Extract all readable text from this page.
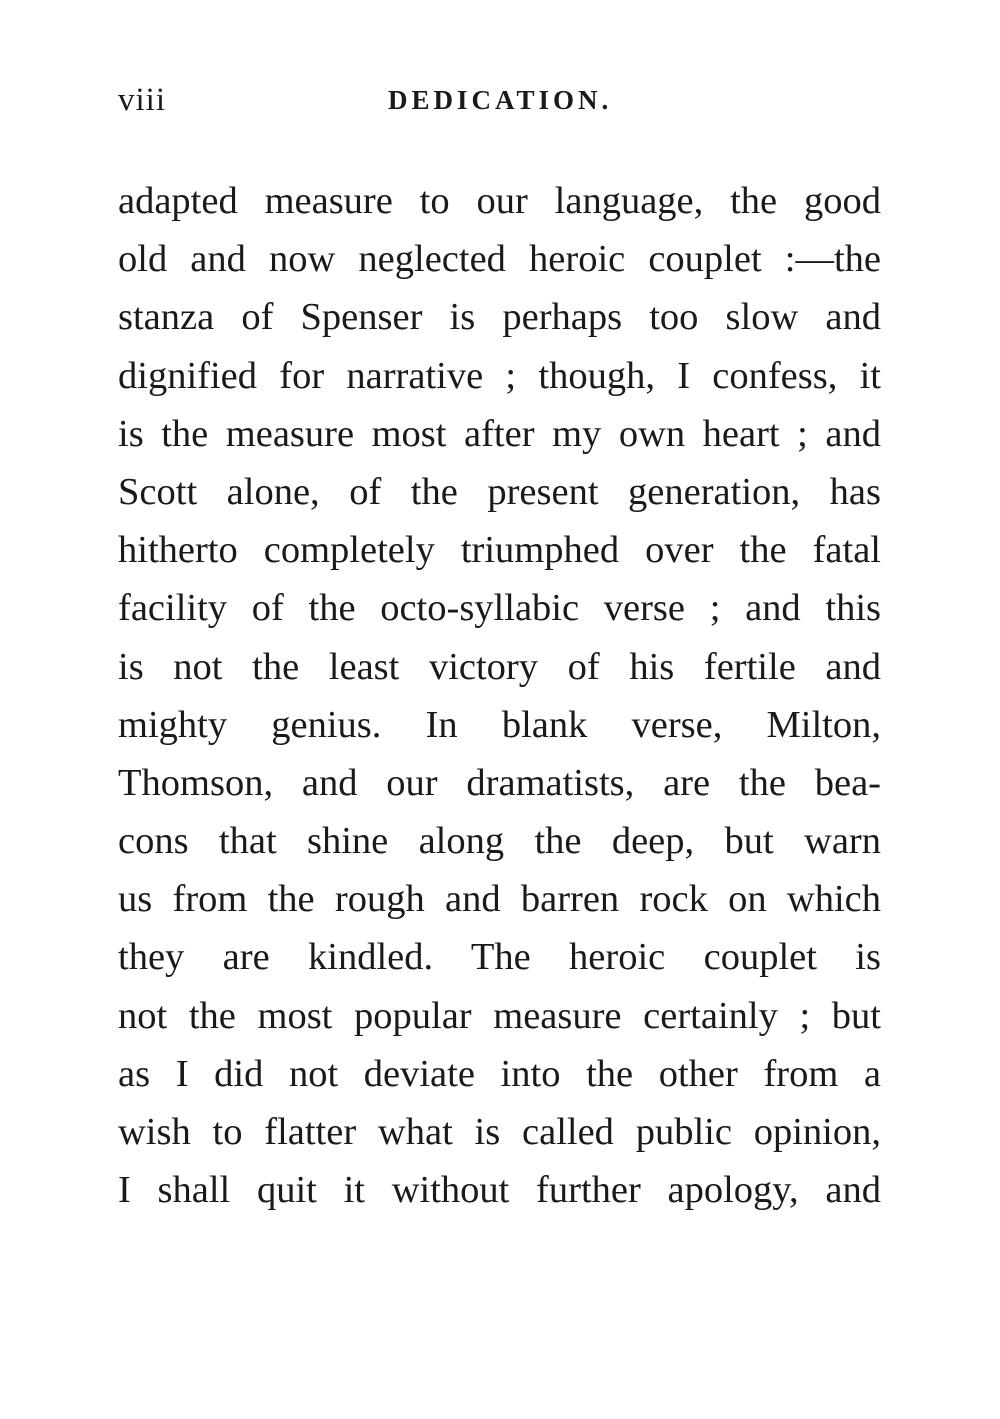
viii	DEDICATION.
adapted measure to our language, the good
old and now neglected heroic couplet :—the
stanza of Spenser is perhaps too slow and
dignified for narrative ; though, I confess, it
is the measure most after my own heart ; and
Scott alone, of the present generation, has
hitherto completely triumphed over the fatal
facility of the octo-syllabic verse ; and this
is not the least victory of his fertile and
mighty genius. In blank verse, Milton,
Thomson, and our dramatists, are the bea-
cons that shine along the deep, but warn
us from the rough and barren rock on which
they are kindled. The heroic couplet is
not the most popular measure certainly ; but
as I did not deviate into the other from a
wish to flatter what is called public opinion,
I shall quit it without further apology, and
